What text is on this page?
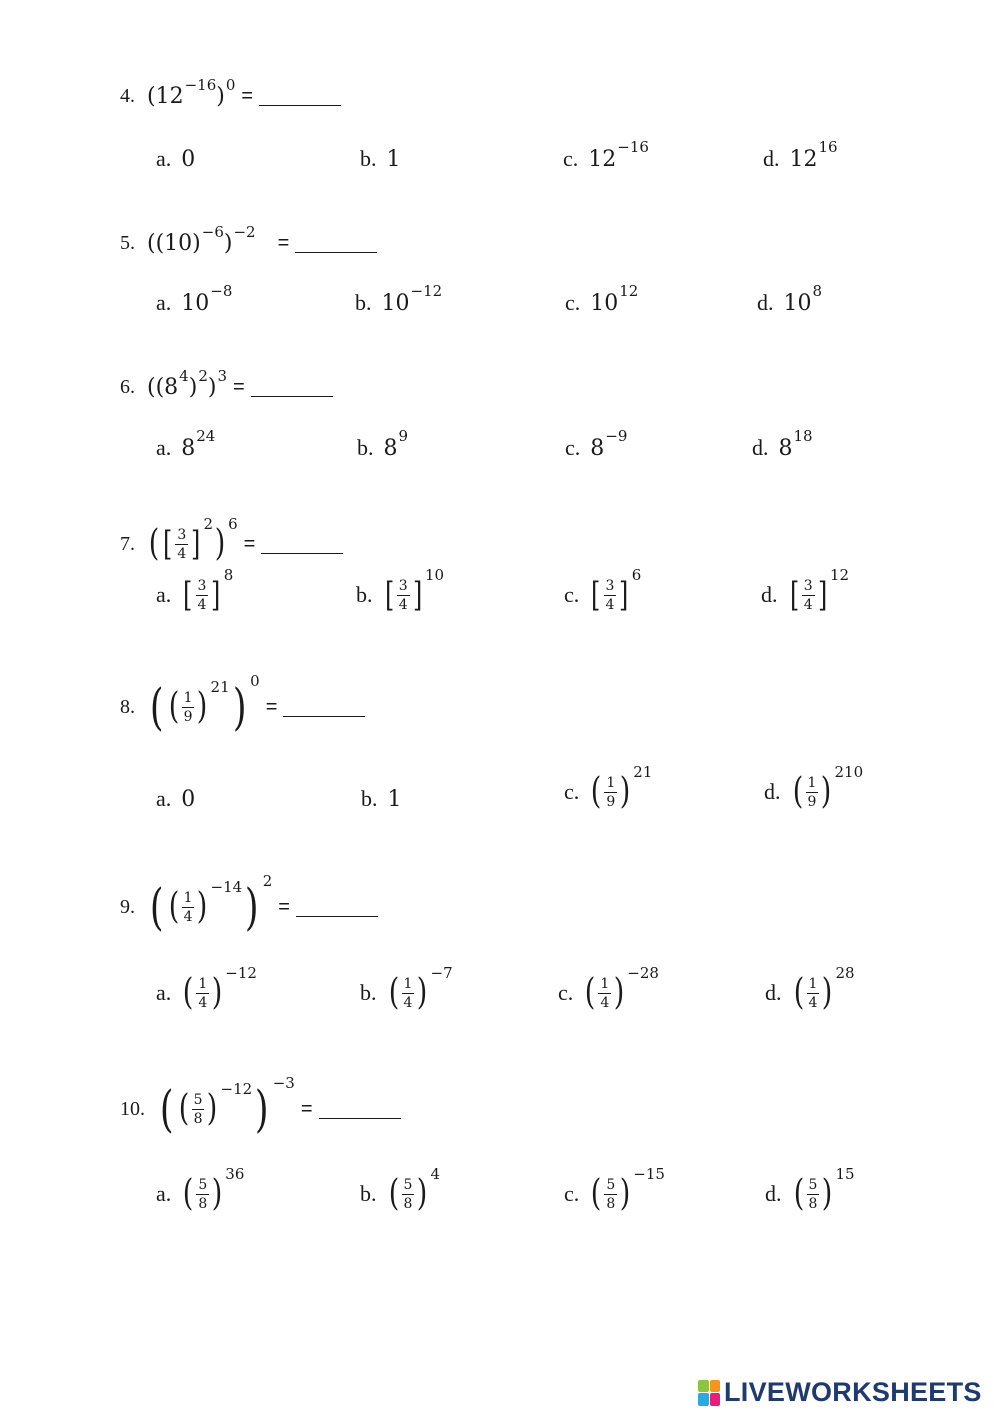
4. (12 −16 ) 0
=
a. 0	b. 1	c. 12 −16	d. 12 16
5. ((10) −6 ) −2
=
a. 10 −8	b. 10 −12	c. 10 12	d. 10 8
6. ((8 4 ) 2 ) 3
=
a. 8 24	b. 8 9	c. 8 −9	d. 8 18
7. ( [ $\frac{3}{4}$ ] 2 ) 6
=
a. [ $\frac{3}{4}$ ] 8
b. [ $\frac{3}{4}$ ] 10
c. [ $\frac{3}{4}$ ] 6
d. [ $\frac{3}{4}$ ] 12
8. ( ( $\frac{1}{9}$ ) 21 ) 0
=
a. 0	b. 1	c. ( $\frac{1}{9}$ ) 21
d. ( $\frac{1}{9}$ ) 210
9. ( ( $\frac{1}{4}$ ) −14 ) 2
=
a. ( $\frac{1}{4}$ ) −12
b. ( $\frac{1}{4}$ ) −7
c. ( $\frac{1}{4}$ ) −28
d. ( $\frac{1}{4}$ ) 28
10. ( ( $\frac{5}{8}$ ) −12 ) −3
=
a. ( $\frac{5}{8}$ ) 36
b. ( $\frac{5}{8}$ ) 4
c. ( $\frac{5}{8}$ ) −15
d. ( $\frac{5}{8}$ ) 15
LIVEWORKSHEETS
